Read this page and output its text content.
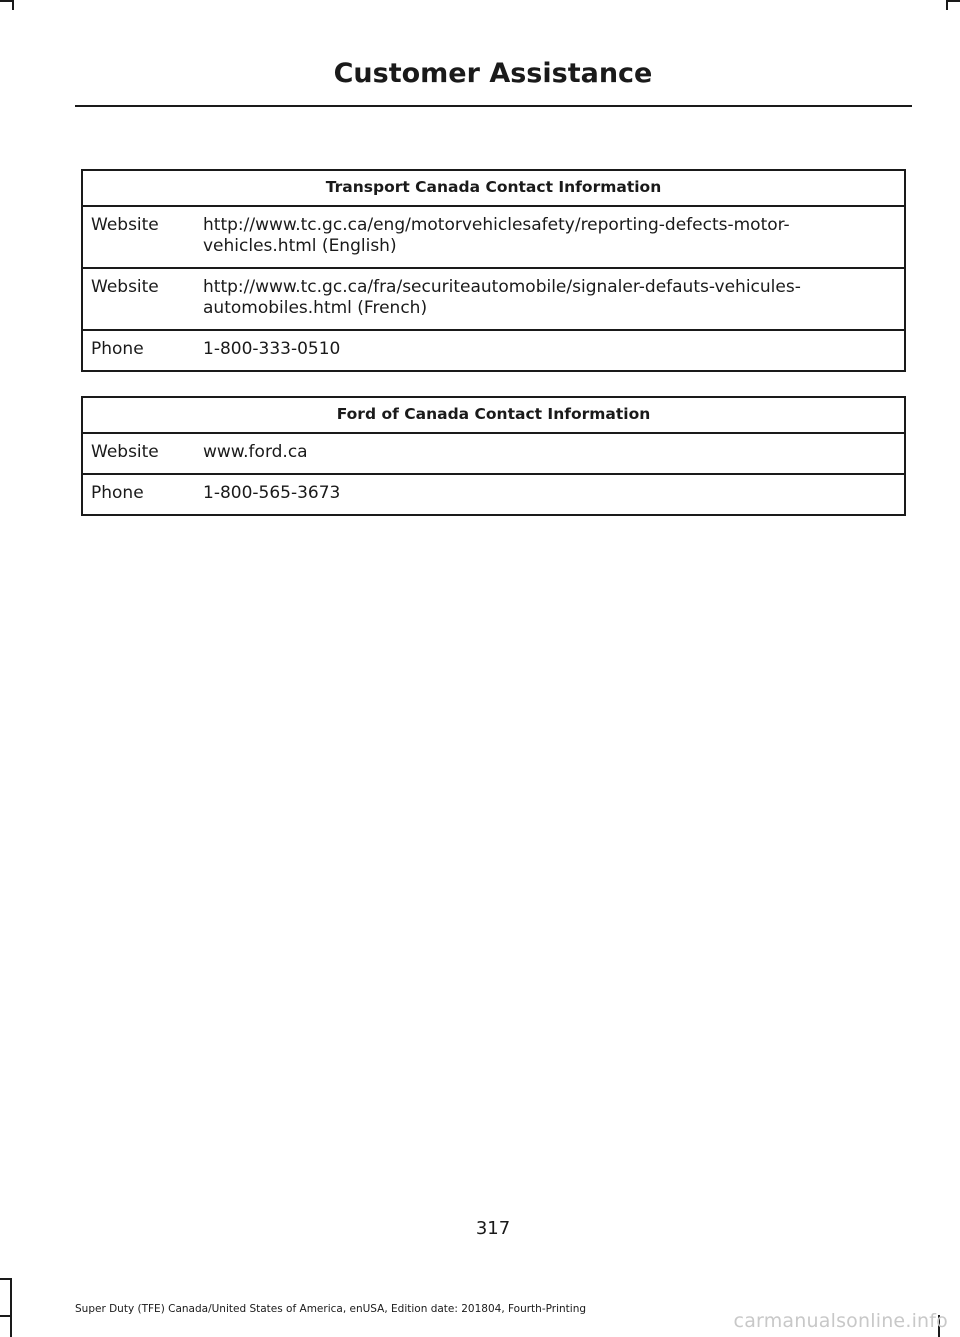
Customer Assistance
Transport Canada Contact Information	
Website	http://www.tc.gc.ca/eng/motorvehiclesafety/reporting-defects-motor-vehicles.html (English)
Website	http://www.tc.gc.ca/fra/securiteautomobile/signaler-defauts-vehicules-automobiles.html (French)
Phone	1-800-333-0510
Ford of Canada Contact Information	
Website	www.ford.ca
Phone	1-800-565-3673
317
Super Duty (TFE) Canada/United States of America, enUSA, Edition date: 201804, Fourth-Printing
carmanualsonline.info
